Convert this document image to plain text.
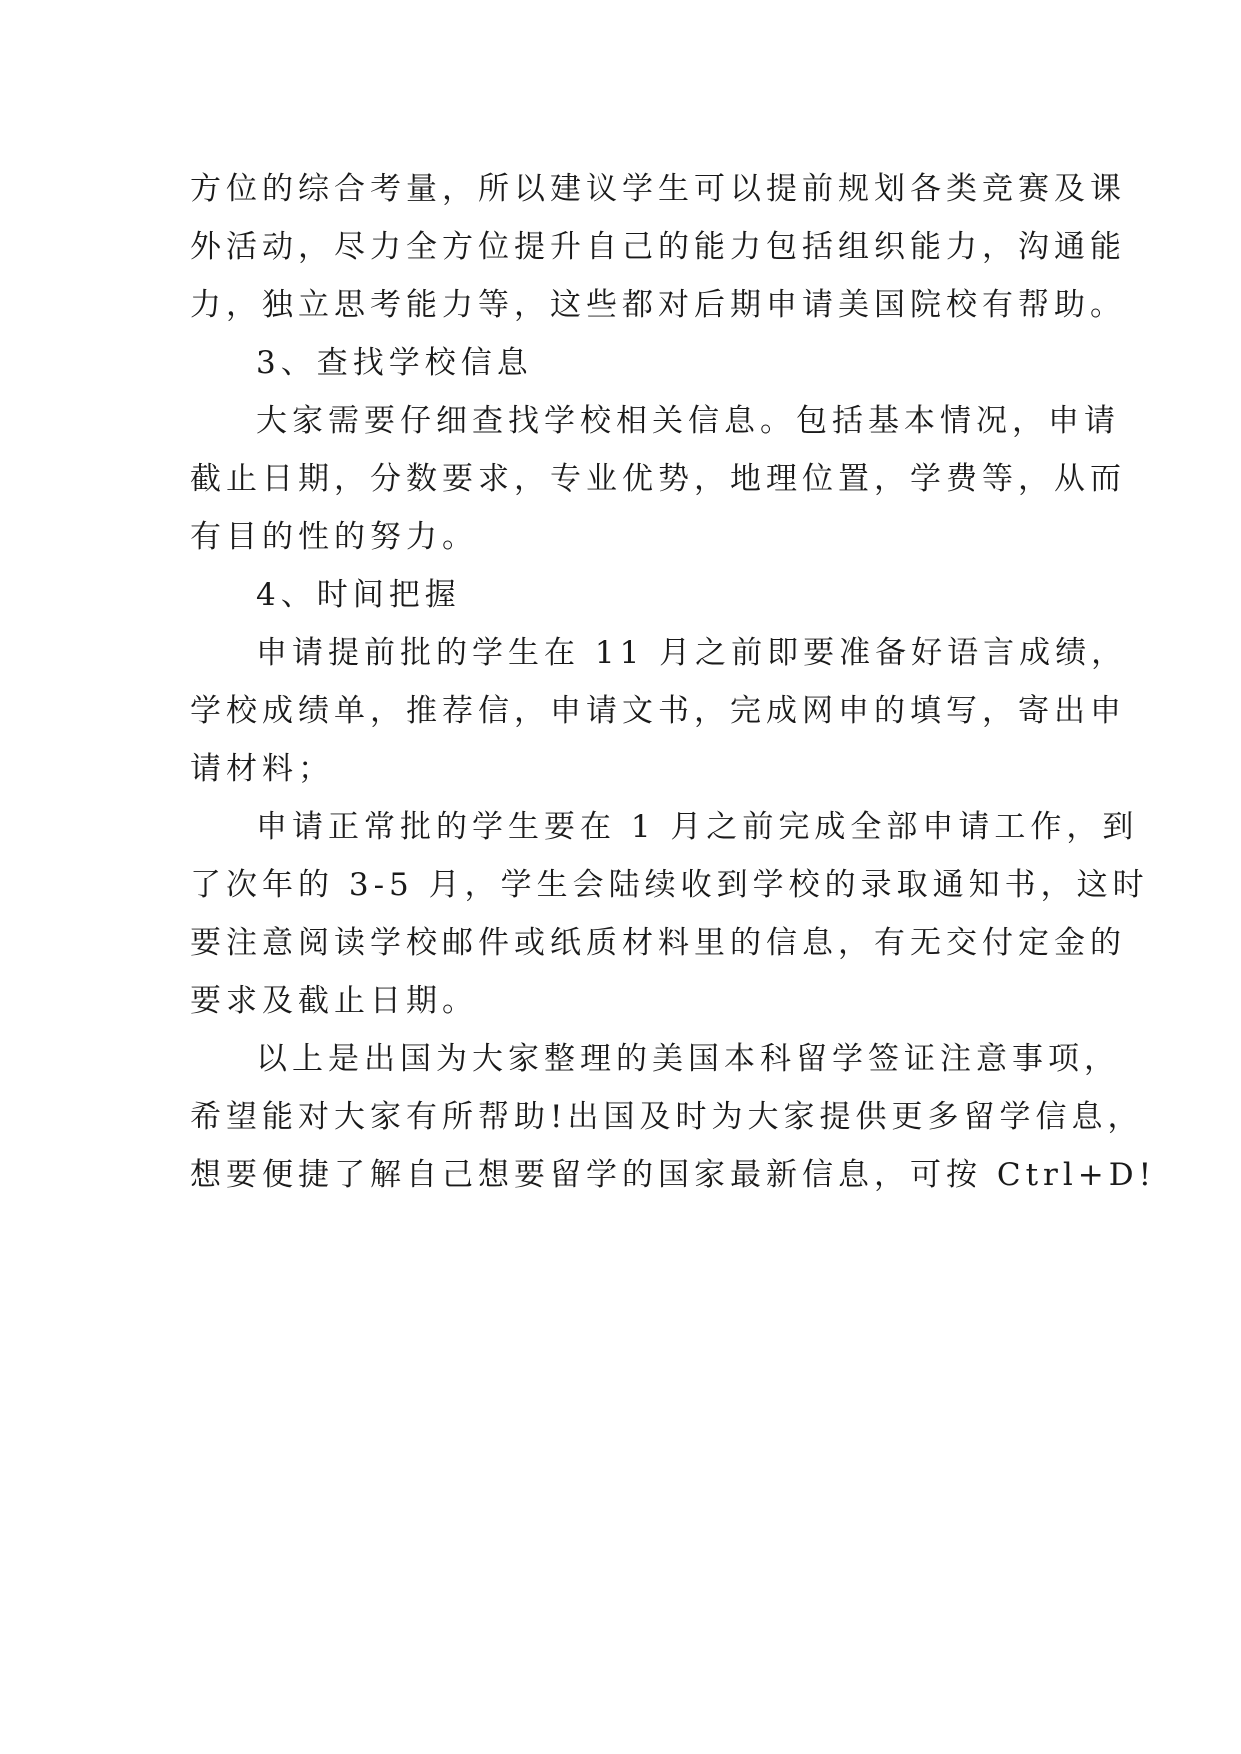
方位的综合考量，所以建议学生可以提前规划各类竞赛及课
外活动，尽力全方位提升自己的能力包括组织能力，沟通能
力，独立思考能力等，这些都对后期申请美国院校有帮助。
3、查找学校信息
大家需要仔细查找学校相关信息。包括基本情况，申请
截止日期，分数要求，专业优势，地理位置，学费等，从而
有目的性的努力。
4、时间把握
申请提前批的学生在 11 月之前即要准备好语言成绩，
学校成绩单，推荐信，申请文书，完成网申的填写，寄出申
请材料；
申请正常批的学生要在 1 月之前完成全部申请工作，到
了次年的 3-5 月，学生会陆续收到学校的录取通知书，这时
要注意阅读学校邮件或纸质材料里的信息，有无交付定金的
要求及截止日期。
以上是出国为大家整理的美国本科留学签证注意事项，
希望能对大家有所帮助!出国及时为大家提供更多留学信息，
想要便捷了解自己想要留学的国家最新信息，可按 Ctrl+D!
